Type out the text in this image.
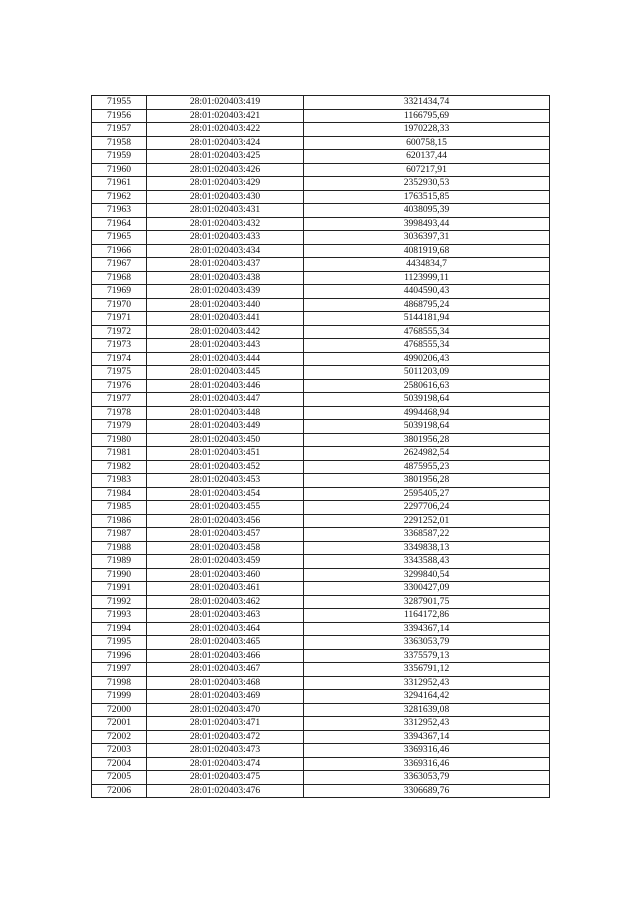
71955	28:01:020403:419	3321434,74
71956	28:01:020403:421	1166795,69
71957	28:01:020403:422	1970228,33
71958	28:01:020403:424	600758,15
71959	28:01:020403:425	620137,44
71960	28:01:020403:426	607217,91
71961	28:01:020403:429	2352930,53
71962	28:01:020403:430	1763515,85
71963	28:01:020403:431	4038095,39
71964	28:01:020403:432	3998493,44
71965	28:01:020403:433	3036397,31
71966	28:01:020403:434	4081919,68
71967	28:01:020403:437	4434834,7
71968	28:01:020403:438	1123999,11
71969	28:01:020403:439	4404590,43
71970	28:01:020403:440	4868795,24
71971	28:01:020403:441	5144181,94
71972	28:01:020403:442	4768555,34
71973	28:01:020403:443	4768555,34
71974	28:01:020403:444	4990206,43
71975	28:01:020403:445	5011203,09
71976	28:01:020403:446	2580616,63
71977	28:01:020403:447	5039198,64
71978	28:01:020403:448	4994468,94
71979	28:01:020403:449	5039198,64
71980	28:01:020403:450	3801956,28
71981	28:01:020403:451	2624982,54
71982	28:01:020403:452	4875955,23
71983	28:01:020403:453	3801956,28
71984	28:01:020403:454	2595405,27
71985	28:01:020403:455	2297706,24
71986	28:01:020403:456	2291252,01
71987	28:01:020403:457	3368587,22
71988	28:01:020403:458	3349838,13
71989	28:01:020403:459	3343588,43
71990	28:01:020403:460	3299840,54
71991	28:01:020403:461	3300427,09
71992	28:01:020403:462	3287901,75
71993	28:01:020403:463	1164172,86
71994	28:01:020403:464	3394367,14
71995	28:01:020403:465	3363053,79
71996	28:01:020403:466	3375579,13
71997	28:01:020403:467	3356791,12
71998	28:01:020403:468	3312952,43
71999	28:01:020403:469	3294164,42
72000	28:01:020403:470	3281639,08
72001	28:01:020403:471	3312952,43
72002	28:01:020403:472	3394367,14
72003	28:01:020403:473	3369316,46
72004	28:01:020403:474	3369316,46
72005	28:01:020403:475	3363053,79
72006	28:01:020403:476	3306689,76
